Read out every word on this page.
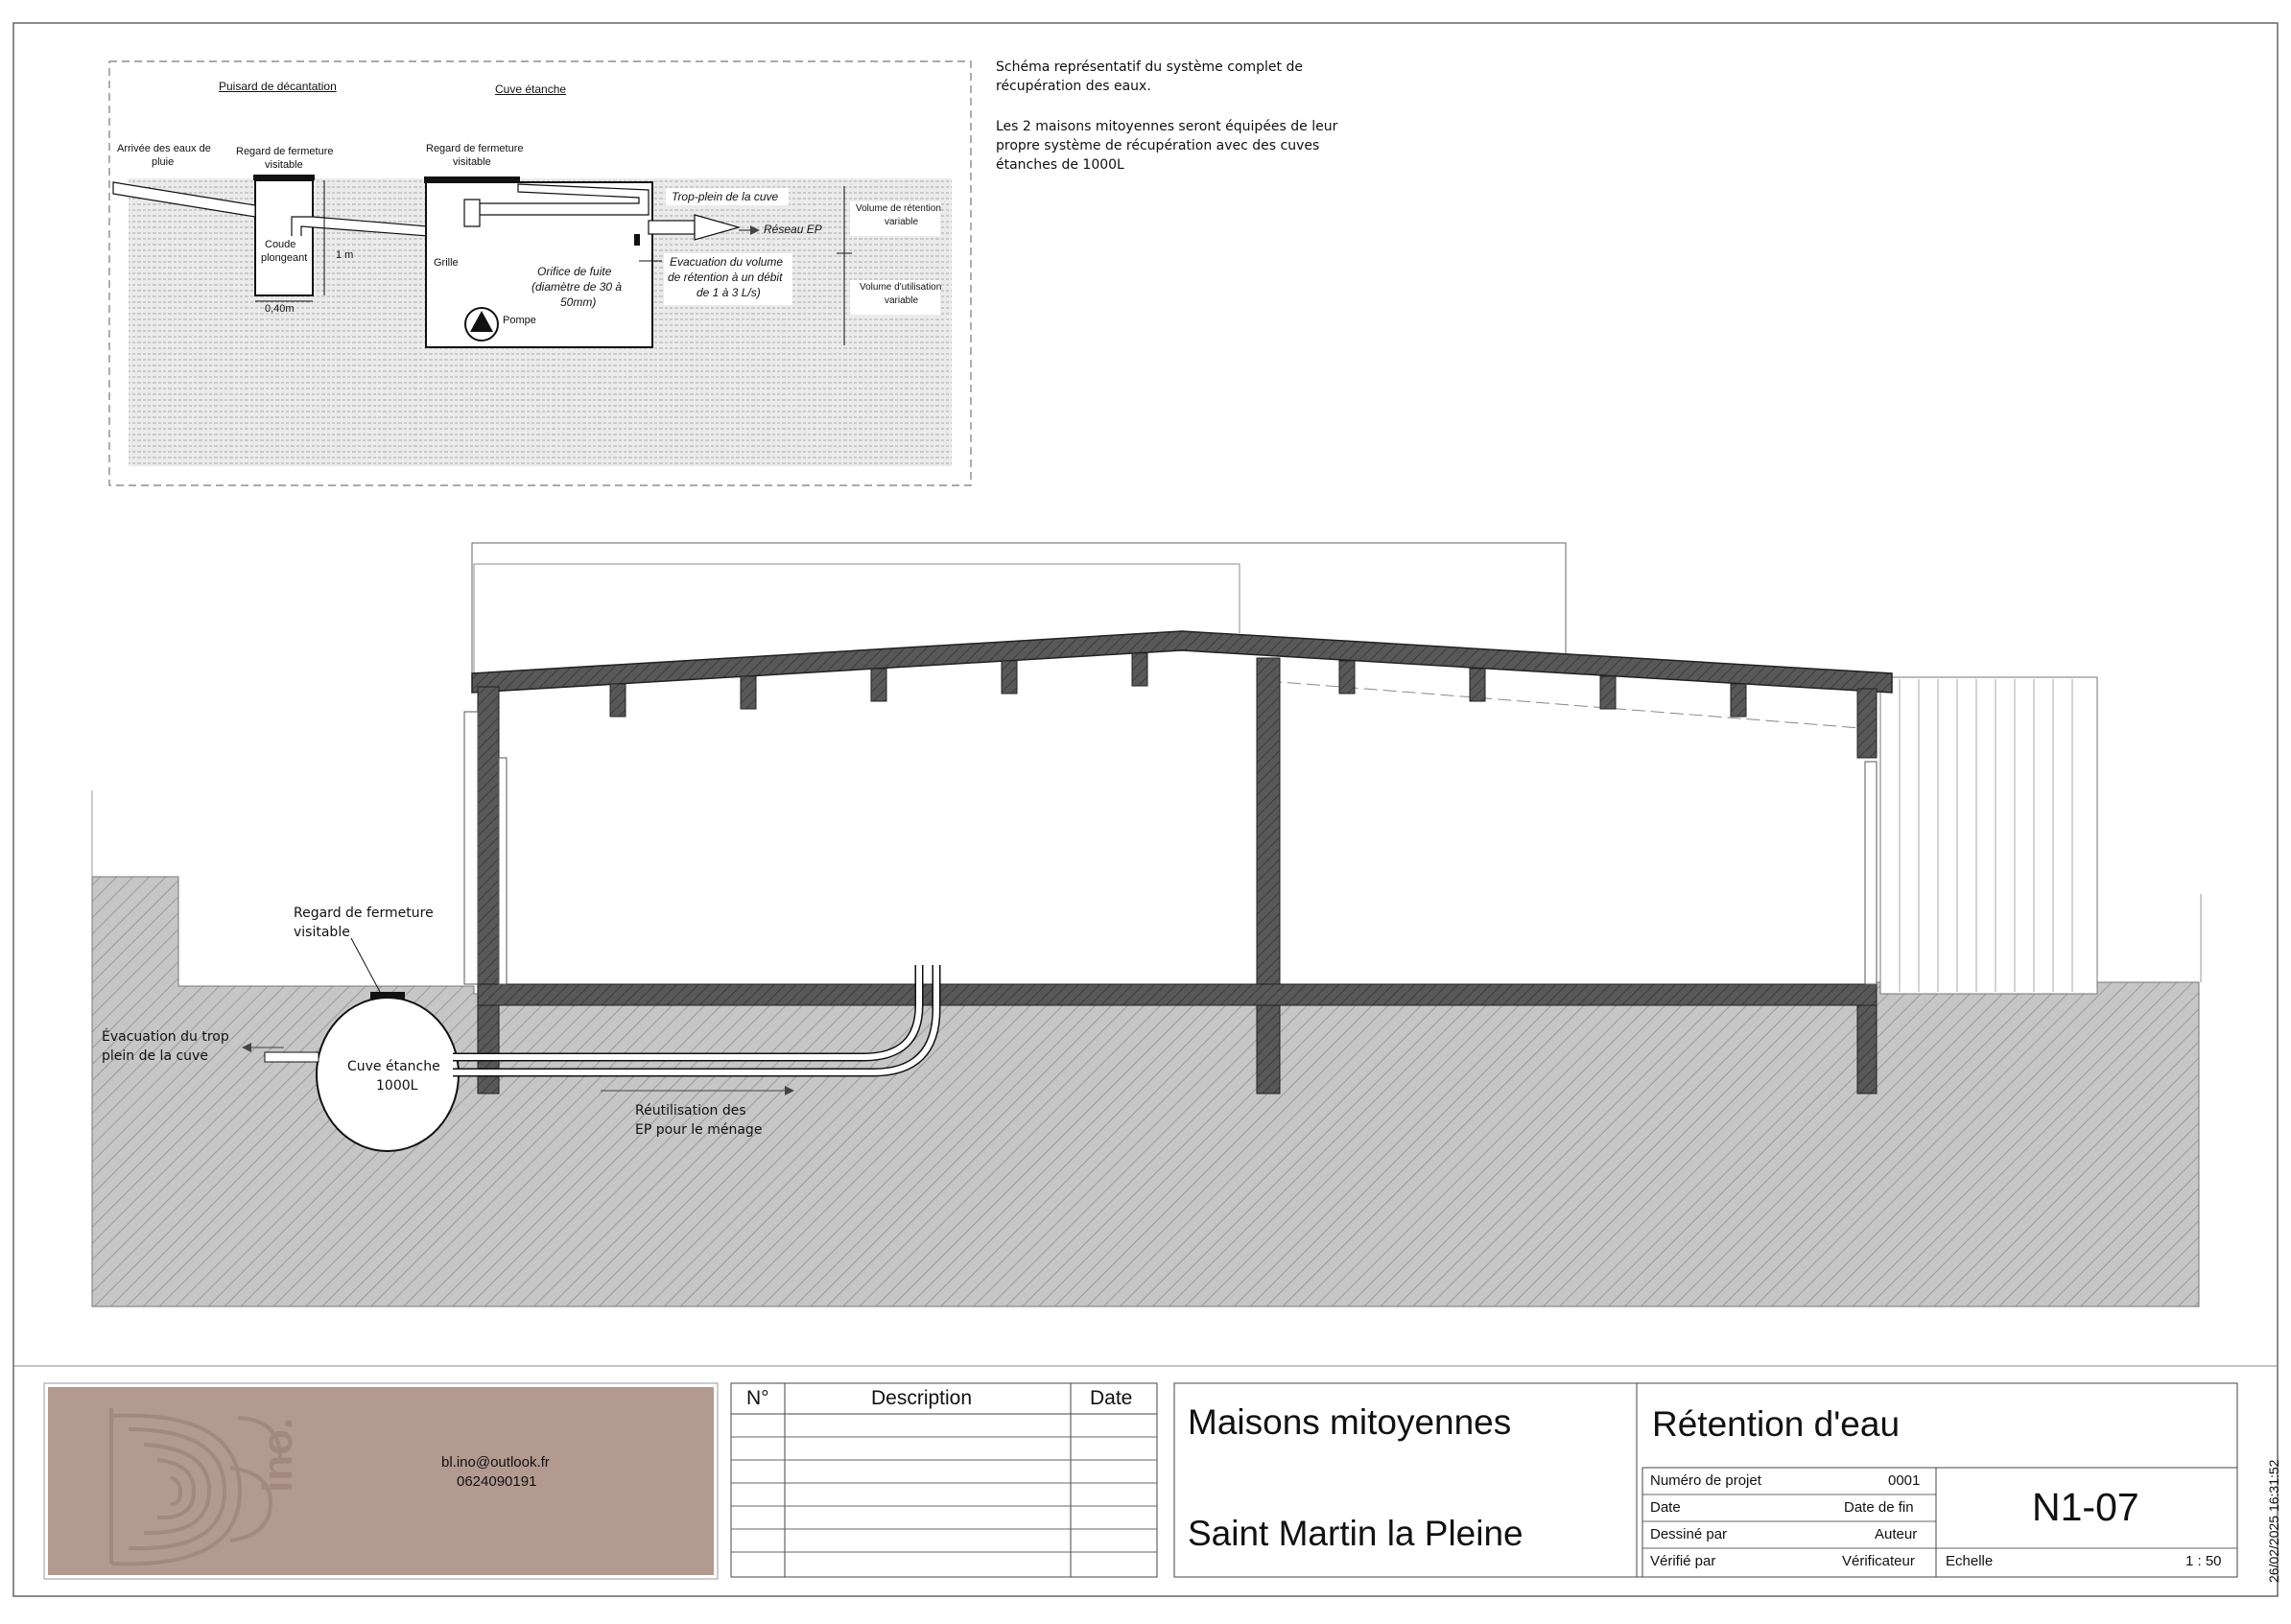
ino.
Schéma représentatif du système complet de
récupération des eaux.
Les 2 maisons mitoyennes seront équipées de leur
propre système de récupération avec des cuves
étanches de 1000L
Puisard de décantation	Cuve étanche
Arrivée des eaux de
pluie
Regard de fermeture
visitable
Regard de fermeture
visitable
Coude
plongeant	1 m
0,40m
Grille
Orifice de fuite
(diamètre de 30 à
50mm)
Pompe
Trop-plein de la cuve
Réseau EP
Evacuation du volume
de rétention à un débit
de 1 à 3 L/s)
Volume de rétention
variable
Volume d'utilisation
variable
Regard de fermeture
visitable
Évacuation du trop
plein de la cuve
Cuve étanche
1000L
Réutilisation des
EP pour le ménage
bl.ino@outlook.fr
0624090191
N°	Description	Date
Maisons mitoyennes
Saint Martin la Pleine
Rétention d'eau
Numéro de projet	0001
Date	Date de fin
Dessiné par	Auteur
Vérifié par	Vérificateur
N1-07
Echelle	1 : 50	26/02/2025 16:31:52
